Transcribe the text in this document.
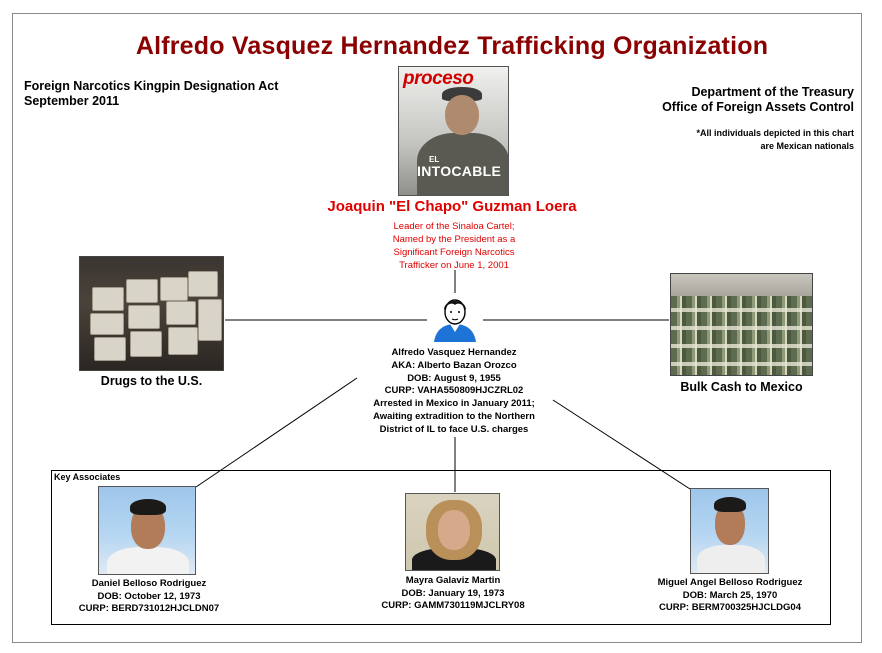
Alfredo Vasquez Hernandez Trafficking Organization
Foreign Narcotics Kingpin Designation Act
September 2011
Department of the Treasury
Office of Foreign Assets Control
*All individuals depicted in this chart
are Mexican nationals
proceso
EL
INTOCABLE
Joaquin "El Chapo" Guzman Loera
Leader of the Sinaloa Cartel;
Named by the President as a
Significant Foreign Narcotics
Trafficker on June 1, 2001
Drugs to the U.S.	Bulk Cash to Mexico
Alfredo Vasquez Hernandez
AKA: Alberto Bazan Orozco
DOB: August 9, 1955
CURP: VAHA550809HJCZRL02
Arrested in Mexico in January 2011;
Awaiting extradition to the Northern
District of IL to face U.S. charges
Key Associates
Daniel Belloso Rodriguez
DOB: October 12, 1973
CURP: BERD731012HJCLDN07
Mayra Galaviz Martin
DOB: January 19, 1973
CURP: GAMM730119MJCLRY08
Miguel Angel Belloso Rodriguez
DOB: March 25, 1970
CURP: BERM700325HJCLDG04
